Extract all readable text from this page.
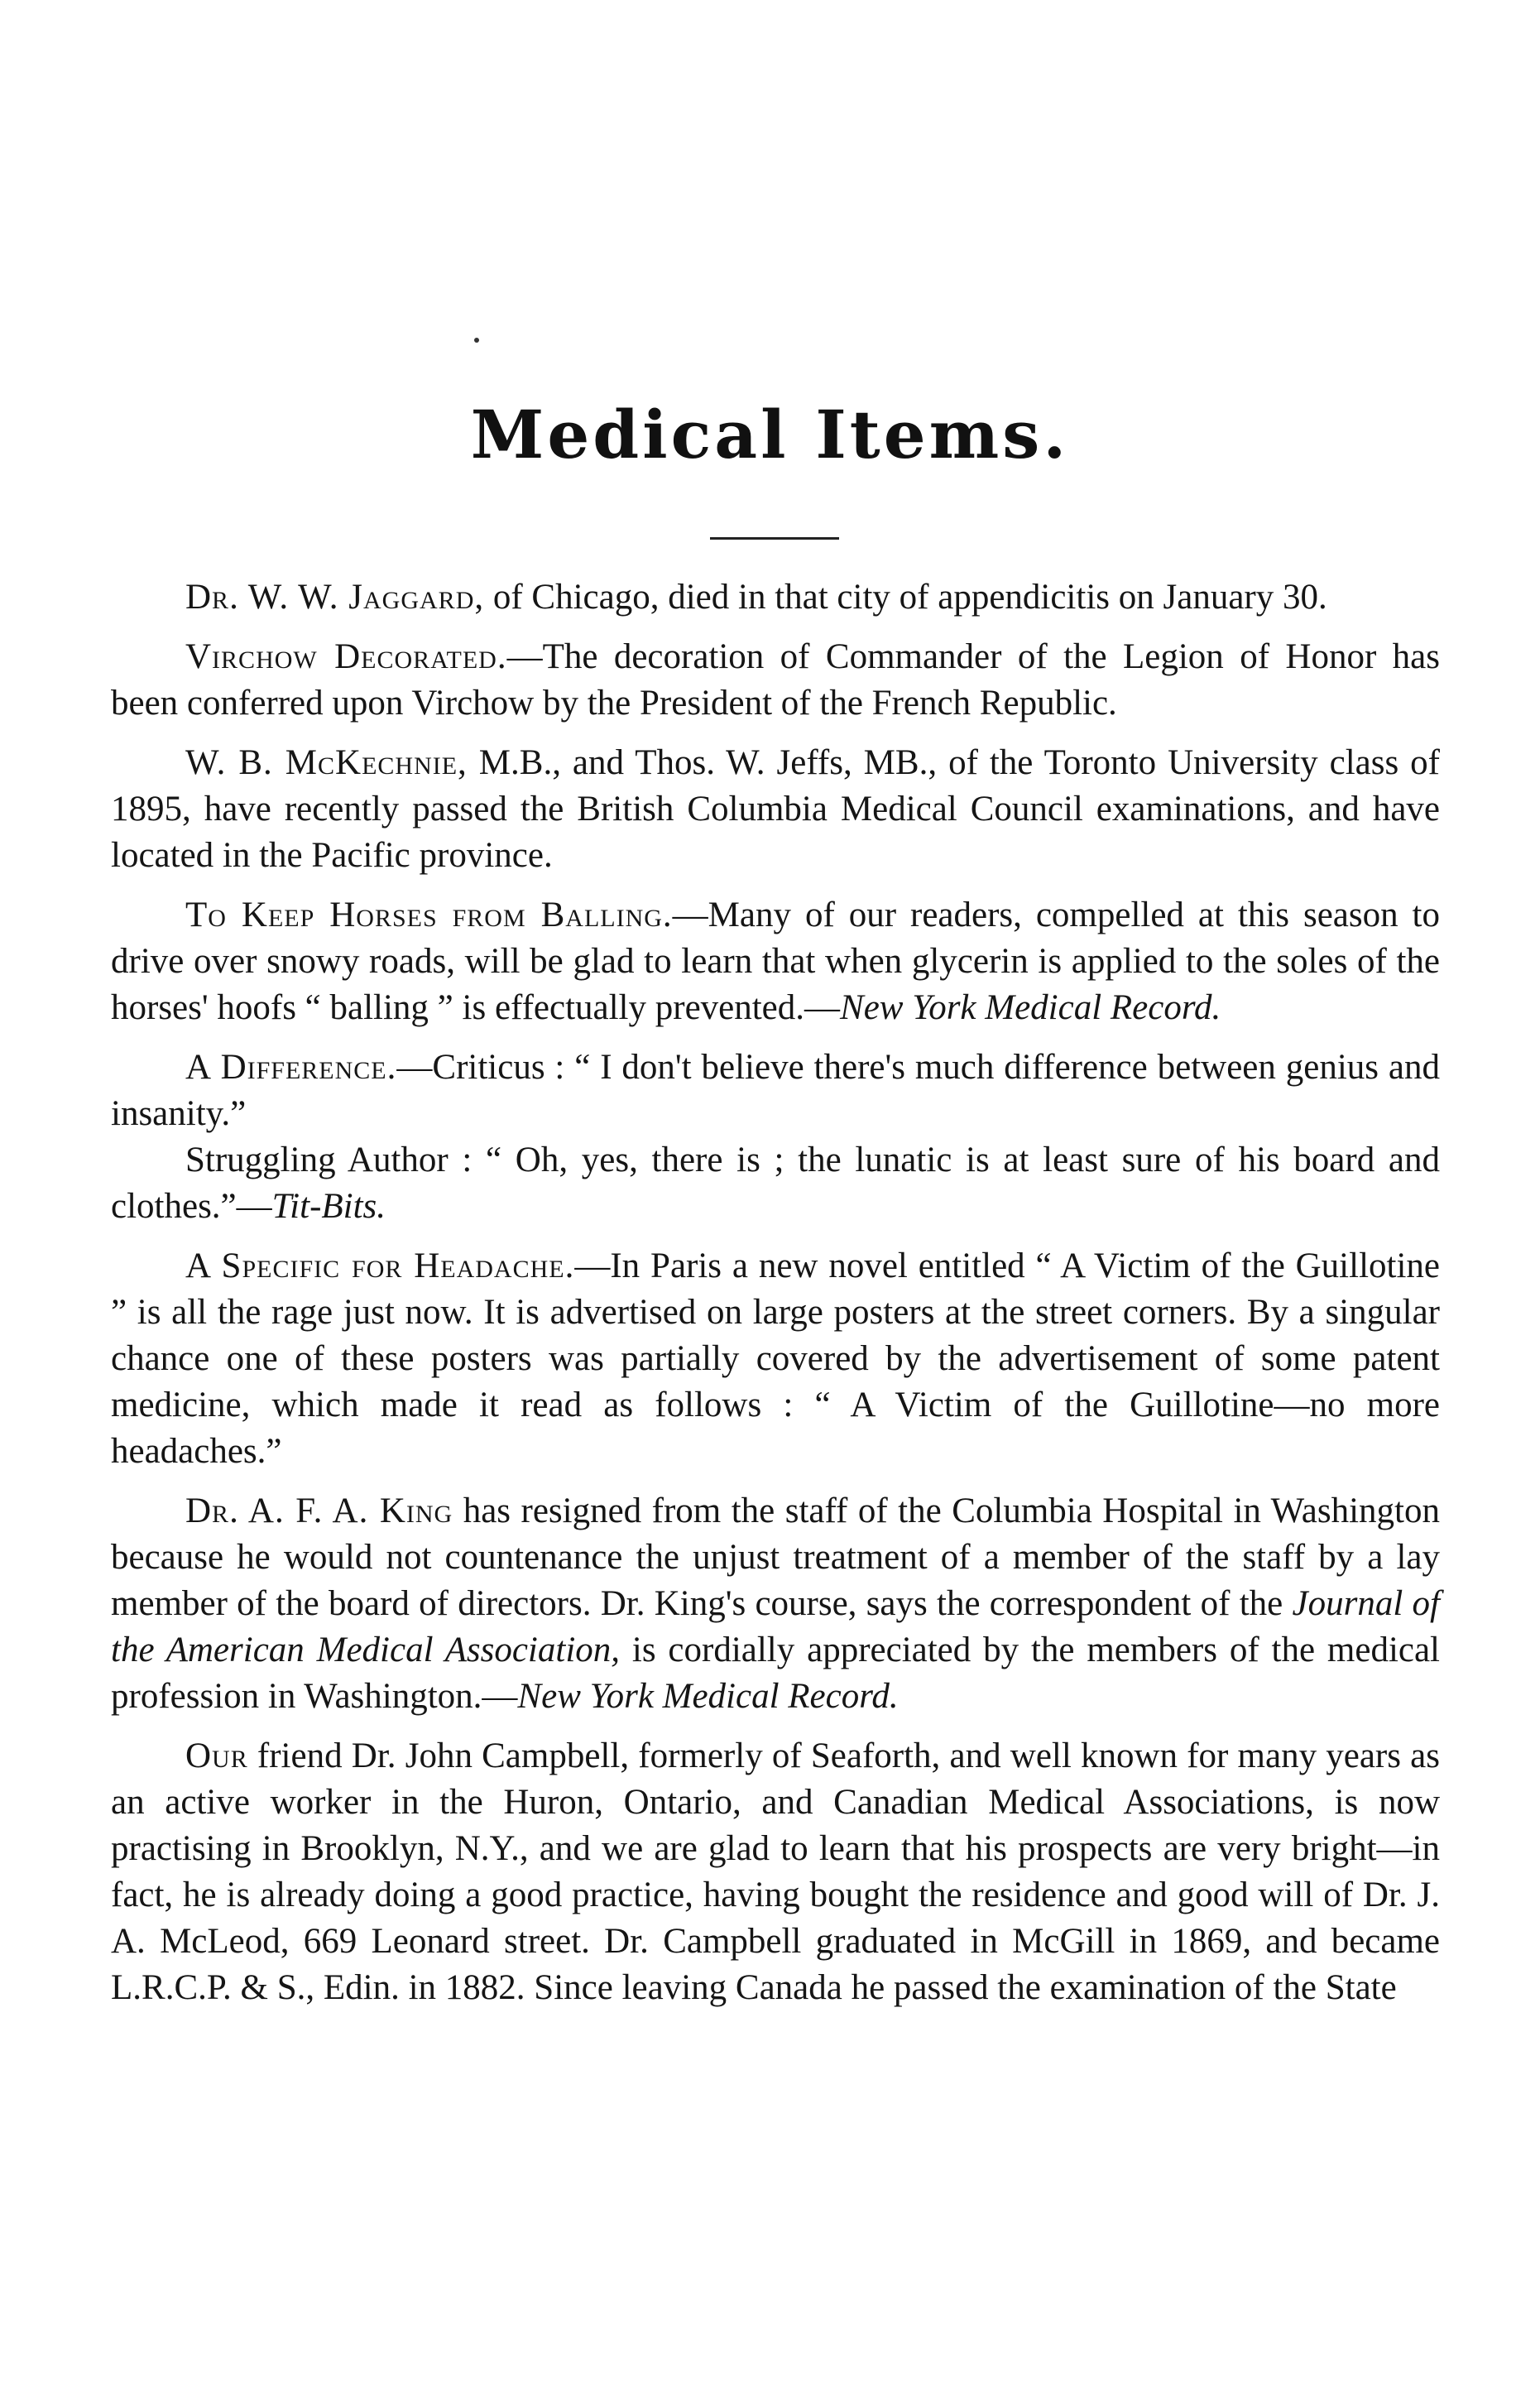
Medical Items.

Dr. W. W. Jaggard, of Chicago, died in that city of appendicitis on January 30.

Virchow Decorated.—The decoration of Commander of the Legion of Honor has been conferred upon Virchow by the President of the French Republic.

W. B. McKechnie, M.B., and Thos. W. Jeffs, MB., of the Toronto University class of 1895, have recently passed the British Columbia Medical Council examinations, and have located in the Pacific province.

To Keep Horses from Balling.—Many of our readers, compelled at this season to drive over snowy roads, will be glad to learn that when glycerin is applied to the soles of the horses' hoofs “ balling ” is effectually prevented.—New York Medical Record.

A Difference.—Criticus : “ I don't believe there's much difference between genius and insanity.”

Struggling Author : “ Oh, yes, there is ; the lunatic is at least sure of his board and clothes.”—Tit-Bits.

A Specific for Headache.—In Paris a new novel entitled “ A Victim of the Guillotine ” is all the rage just now. It is advertised on large posters at the street corners. By a singular chance one of these posters was partially covered by the advertisement of some patent medicine, which made it read as follows : “ A Victim of the Guillotine—no more headaches.”

Dr. A. F. A. King has resigned from the staff of the Columbia Hospital in Washington because he would not countenance the unjust treatment of a member of the staff by a lay member of the board of directors. Dr. King's course, says the correspondent of the Journal of the American Medical Association, is cordially appreciated by the members of the medical profession in Washington.—New York Medical Record.

Our friend Dr. John Campbell, formerly of Seaforth, and well known for many years as an active worker in the Huron, Ontario, and Canadian Medical Associations, is now practising in Brooklyn, N.Y., and we are glad to learn that his prospects are very bright—in fact, he is already doing a good practice, having bought the residence and good will of Dr. J. A. McLeod, 669 Leonard street. Dr. Campbell graduated in McGill in 1869, and became L.R.C.P. & S., Edin. in 1882. Since leaving Canada he passed the examination of the State
